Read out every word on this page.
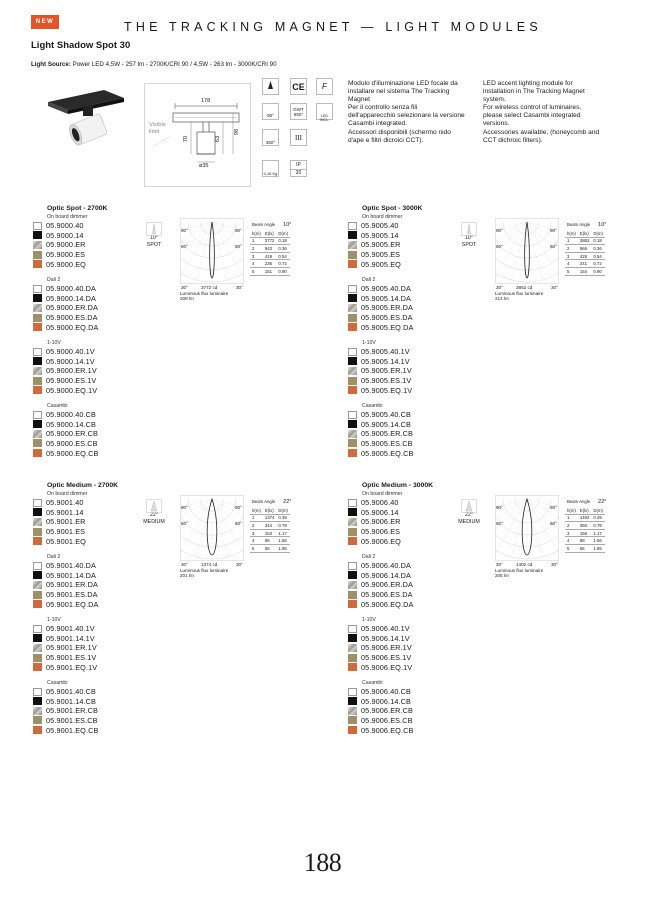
NEW	THE TRACKING MAGNET — LIGHT MODULES
Light Shadow Spot 30
Light Source: Power LED 4,5W - 257 lm - 2700K/CRI 90 / 4,5W - 263 lm - 3000K/CRI 90
178
70	63
98
ø35
Visible
limit
CE	F
90°
GWT
850°	LED INCL.
350°
III
0,16 Kg
IP
20
Modulo d'illuminazione LED focale da installare nel sistema The Tracking Magnet
Per il controllo senza fili dell'apparecchio selezionare la versione Casambi integrated.
Accessori disponibili (schermo nido d'ape e filtri dicroici CCT).
LED accent lighting module for installation in The Tracking Magnet system.
For wireless control of luminaires, please select Casambi integrated versions.
Accessories available, (honeycomb and CCT dichroic filters).
Optic Spot - 2700K
On board dimmer
05.9000.40
05.9000.14
05.9000.ER
05.9000.ES
05.9000.EQ
Dali 2
05.9000.40.DA
05.9000.14.DA
05.9000.ER.DA
05.9000.ES.DA
05.9000.EQ.DA
1-10V
05.9000.40.1V
05.9000.14.1V
05.9000.ER.1V
05.9000.ES.1V
05.9000.EQ.1V
Casambi
05.9000.40.CB
05.9000.14.CB
05.9000.ER.CB
05.9000.ES.CB
05.9000.EQ.CB
10°
SPOT
90°	90°
60°	60°
30°	30°
3772 cd
Luminous flux luminaire
209 lm
Beam Angle 10°
h(m)	E(lx)	D(m)
1	3772	0.18
2	943	0.36
3	419	0.54
4	236	0.72
5	151	0.90
Optic Spot - 3000K
On board dimmer
05.9005.40
05.9005.14
05.9005.ER
05.9005.ES
05.9005.EQ
Dali 2
05.9005.40.DA
05.9005.14.DA
05.9005.ER.DA
05.9005.ES.DA
05.9005.EQ.DA
1-10V
05.9005.40.1V
05.9005.14.1V
05.9005.ER.1V
05.9005.ES.1V
05.9005.EQ.1V
Casambi
05.9005.40.CB
05.9005.14.CB
05.9005.ER.CB
05.9005.ES.CB
05.9005.EQ.CB
10°
SPOT
90°	90°
60°	60°
30°	30°
3862 cd
Luminous flux luminaire
214 lm
Beam Angle 10°
h(m)	E(lx)	D(m)
1	3862	0.18
2	966	0.36
3	429	0.54
4	241	0.72
5	154	0.90
Optic Medium - 2700K
On board dimmer
05.9001.40
05.9001.14
05.9001.ER
05.9001.ES
05.9001.EQ
Dali 2
05.9001.40.DA
05.9001.14.DA
05.9001.ER.DA
05.9001.ES.DA
05.9001.EQ.DA
1-10V
05.9001.40.1V
05.9001.14.1V
05.9001.ER.1V
05.9001.ES.1V
05.9001.EQ.1V
Casambi
05.9001.40.CB
05.9001.14.CB
05.9001.ER.CB
05.9001.ES.CB
05.9001.EQ.CB
22°
MEDIUM
90°	90°
60°	60°
30°	30°
1374 cd
Luminous flux luminaire
201 lm
Beam Angle 22°
h(m)	E(lx)	D(m)
1	1374	0.39
2	344	0.78
3	153	1.17
4	86	1.56
5	55	1.95
Optic Medium - 3000K
On board dimmer
05.9006.40
05.9006.14
05.9006.ER
05.9006.ES
05.9006.EQ
Dali 2
05.9006.40.DA
05.9006.14.DA
05.9006.ER.DA
05.9006.ES.DA
05.9006.EQ.DA
1-10V
05.9006.40.1V
05.9006.14.1V
05.9006.ER.1V
05.9006.ES.1V
05.9006.EQ.1V
Casambi
05.9006.40.CB
05.9006.14.CB
05.9006.ER.CB
05.9006.ES.CB
05.9006.EQ.CB
22°
MEDIUM
90°	90°
60°	60°
30°	30°
1402 cd
Luminous flux luminaire
205 lm
Beam Angle 22°
h(m)	E(lx)	D(m)
1	1402	0.39
2	350	0.78
3	156	1.17
4	88	1.56
5	56	1.95
188
